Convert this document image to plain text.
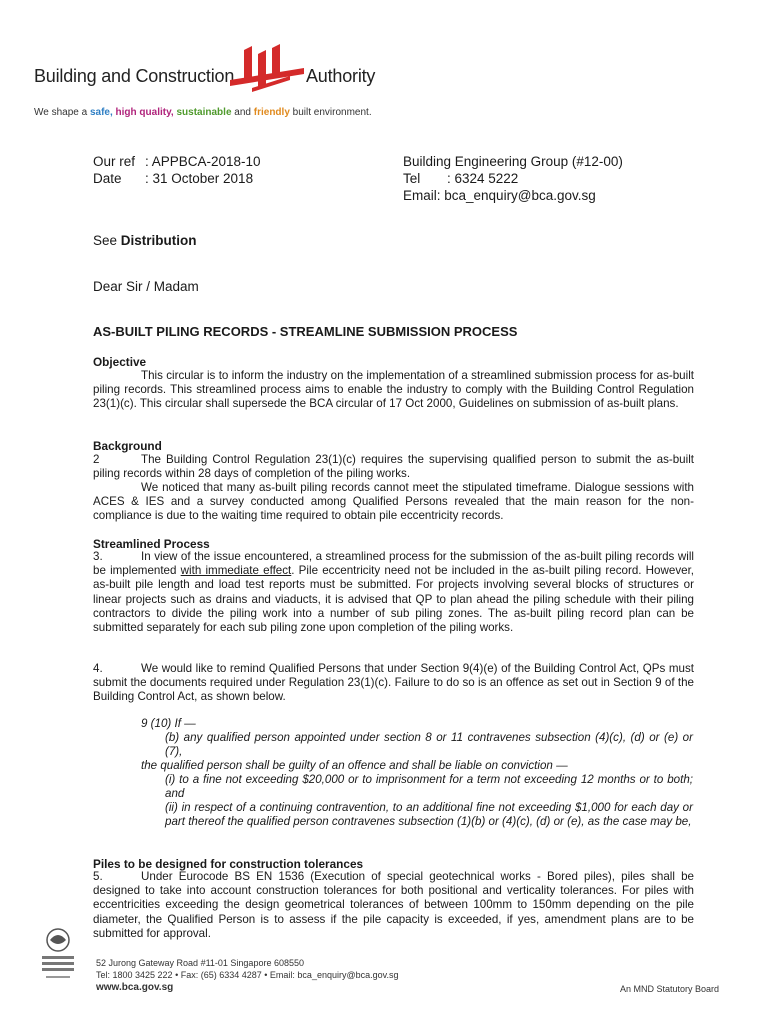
Building and Construction	Authority
We shape a safe, high quality, sustainable and friendly built environment.
Our ref : APPBCA-2018-10
Date	: 31 October 2018
Building Engineering Group (#12-00)
Tel	: 6324 5222
Email: bca_enquiry@bca.gov.sg
See Distribution
Dear Sir / Madam
AS-BUILT PILING RECORDS - STREAMLINE SUBMISSION PROCESS
Objective
This circular is to inform the industry on the implementation of a streamlined submission process for as-built piling records. This streamlined process aims to enable the industry to comply with the Building Control Regulation 23(1)(c). This circular shall supersede the BCA circular of 17 Oct 2000, Guidelines on submission of as-built plans.
Background
2	The Building Control Regulation 23(1)(c) requires the supervising qualified person to submit the as-built piling records within 28 days of completion of the piling works.
We noticed that many as-built piling records cannot meet the stipulated timeframe. Dialogue sessions with ACES & IES and a survey conducted among Qualified Persons revealed that the main reason for the non-compliance is due to the waiting time required to obtain pile eccentricity records.
Streamlined Process
3.	In view of the issue encountered, a streamlined process for the submission of the as-built piling records will be implemented with immediate effect. Pile eccentricity need not be included in the as-built piling record. However, as-built pile length and load test reports must be submitted. For projects involving several blocks of structures or linear projects such as drains and viaducts, it is advised that QP to plan ahead the piling schedule with their piling contractors to divide the piling work into a number of sub piling zones. The as-built piling record plan can be submitted separately for each sub piling zone upon completion of the piling works.
4.	We would like to remind Qualified Persons that under Section 9(4)(e) of the Building Control Act, QPs must submit the documents required under Regulation 23(1)(c). Failure to do so is an offence as set out in Section 9 of the Building Control Act, as shown below.
9 (10) If —
(b) any qualified person appointed under section 8 or 11 contravenes subsection (4)(c), (d) or (e) or (7),
the qualified person shall be guilty of an offence and shall be liable on conviction —
(i) to a fine not exceeding $20,000 or to imprisonment for a term not exceeding 12 months or to both; and
(ii) in respect of a continuing contravention, to an additional fine not exceeding $1,000 for each day or part thereof the qualified person contravenes subsection (1)(b) or (4)(c), (d) or (e), as the case may be,
Piles to be designed for construction tolerances
5.	Under Eurocode BS EN 1536 (Execution of special geotechnical works - Bored piles), piles shall be designed to take into account construction tolerances for both positional and verticality tolerances. For piles with eccentricities exceeding the design geometrical tolerances of between 100mm to 150mm depending on the pile diameter, the Qualified Person is to assess if the pile capacity is exceeded, if yes, amendment plans are to be submitted for approval.
52 Jurong Gateway Road #11-01 Singapore 608550
Tel: 1800 3425 222 • Fax: (65) 6334 4287 • Email: bca_enquiry@bca.gov.sg
www.bca.gov.sg	An MND Statutory Board
